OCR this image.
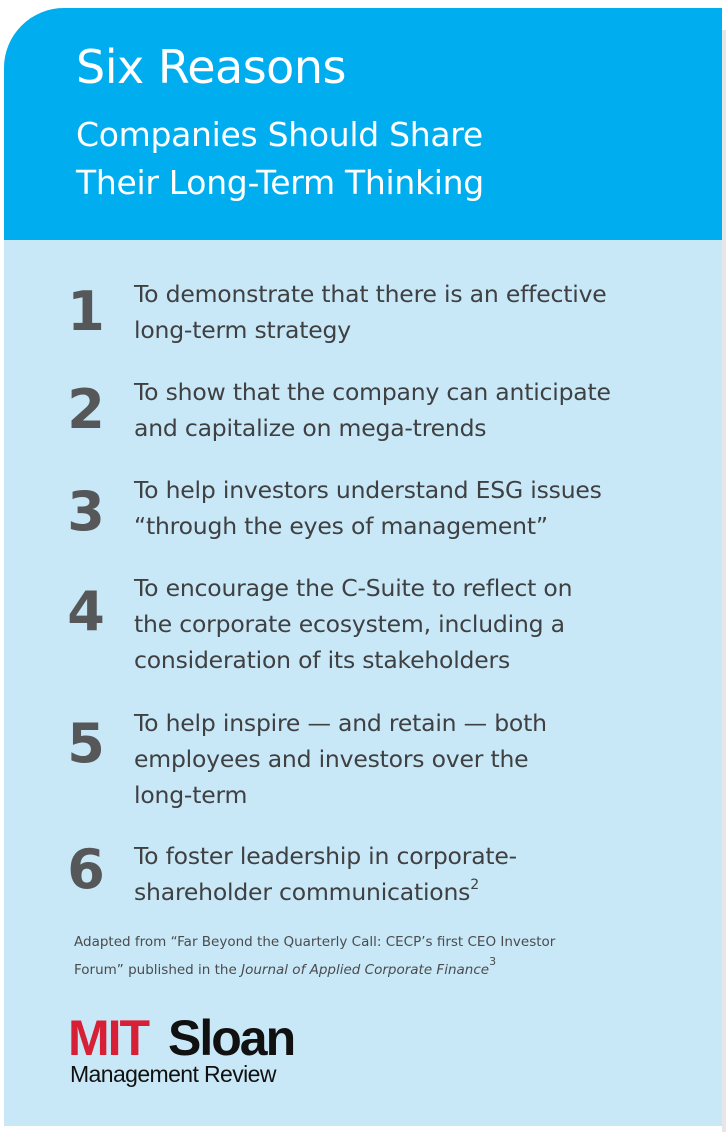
Six Reasons
Companies Should Share
Their Long-Term Thinking
1	To demonstrate that there is an effective
long-term strategy
2	To show that the company can anticipate
and capitalize on mega-trends
3	To help investors understand ESG issues
“through the eyes of management”
4	To encourage the C-Suite to reflect on
the corporate ecosystem, including a
consideration of its stakeholders
5	To help inspire — and retain — both
employees and investors over the
long-term
6	To foster leadership in corporate-
shareholder communications$^2$
Adapted from “Far Beyond the Quarterly Call: CECP’s first CEO Investor
Forum” published in the Journal of Applied Corporate Finance$^3$
MIT Sloan
Management Review
